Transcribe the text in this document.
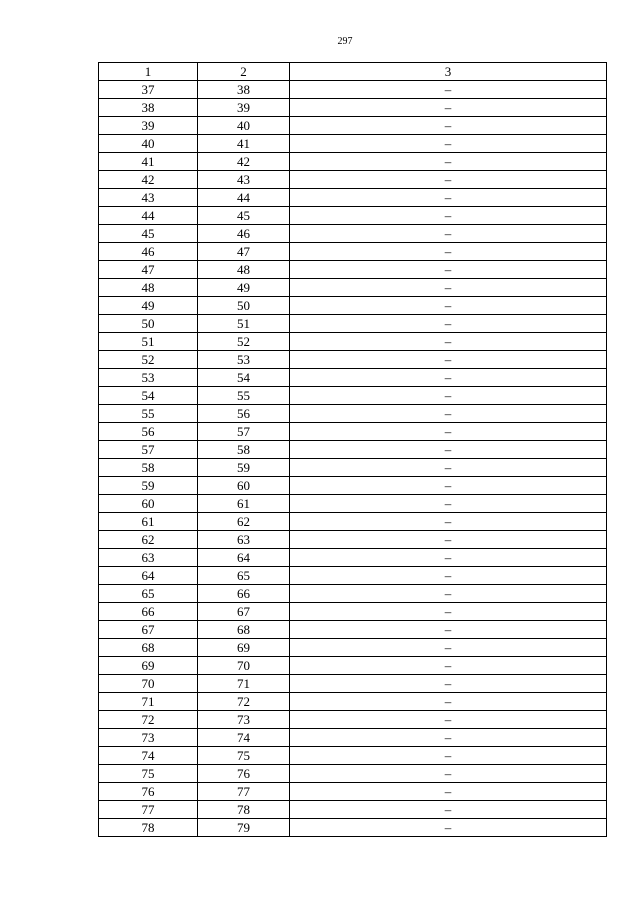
297
1	2	3
37	38	–
38	39	–
39	40	–
40	41	–
41	42	–
42	43	–
43	44	–
44	45	–
45	46	–
46	47	–
47	48	–
48	49	–
49	50	–
50	51	–
51	52	–
52	53	–
53	54	–
54	55	–
55	56	–
56	57	–
57	58	–
58	59	–
59	60	–
60	61	–
61	62	–
62	63	–
63	64	–
64	65	–
65	66	–
66	67	–
67	68	–
68	69	–
69	70	–
70	71	–
71	72	–
72	73	–
73	74	–
74	75	–
75	76	–
76	77	–
77	78	–
78	79	–
